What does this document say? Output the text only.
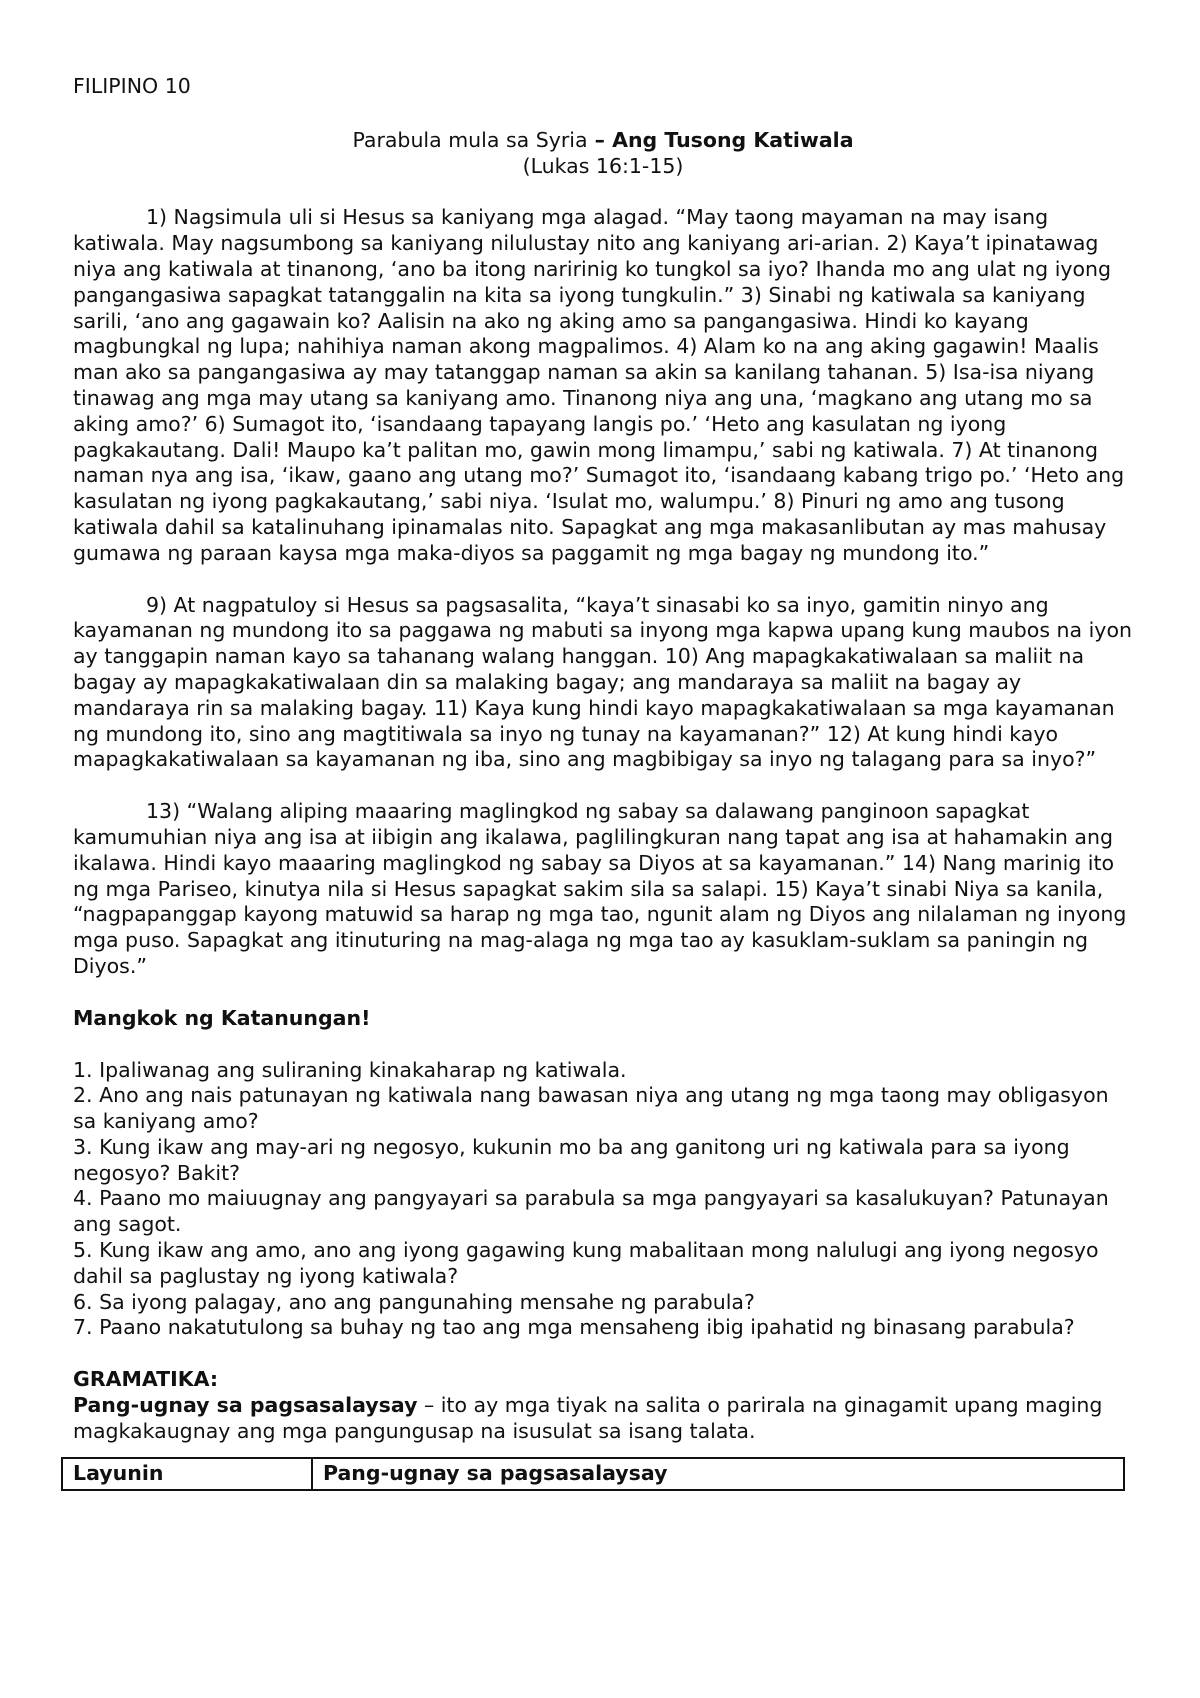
FILIPINO 10
Parabula mula sa Syria – Ang Tusong Katiwala
(Lukas 16:1-15)

1) Nagsimula uli si Hesus sa kaniyang mga alagad. “May taong mayaman na may isang katiwala. May nagsumbong sa kaniyang nilulustay nito ang kaniyang ari-arian. 2) Kaya’t ipinatawag niya ang katiwala at tinanong, ‘ano ba itong naririnig ko tungkol sa iyo? Ihanda mo ang ulat ng iyong pangangasiwa sapagkat tatanggalin na kita sa iyong tungkulin.” 3) Sinabi ng katiwala sa kaniyang sarili, ‘ano ang gagawain ko? Aalisin na ako ng aking amo sa pangangasiwa. Hindi ko kayang magbungkal ng lupa; nahihiya naman akong magpalimos. 4) Alam ko na ang aking gagawin! Maalis man ako sa pangangasiwa ay may tatanggap naman sa akin sa kanilang tahanan. 5) Isa-isa niyang tinawag ang mga may utang sa kaniyang amo. Tinanong niya ang una, ‘magkano ang utang mo sa aking amo?’ 6) Sumagot ito, ‘isandaang tapayang langis po.’ ‘Heto ang kasulatan ng iyong pagkakautang. Dali! Maupo ka’t palitan mo, gawin mong limampu,’ sabi ng katiwala. 7) At tinanong naman nya ang isa, ‘ikaw, gaano ang utang mo?’ Sumagot ito, ‘isandaang kabang trigo po.’ ‘Heto ang kasulatan ng iyong pagkakautang,’ sabi niya. ‘Isulat mo, walumpu.’ 8) Pinuri ng amo ang tusong katiwala dahil sa katalinuhang ipinamalas nito. Sapagkat ang mga makasanlibutan ay mas mahusay gumawa ng paraan kaysa mga maka-diyos sa paggamit ng mga bagay ng mundong ito.”

9) At nagpatuloy si Hesus sa pagsasalita, “kaya’t sinasabi ko sa inyo, gamitin ninyo ang kayamanan ng mundong ito sa paggawa ng mabuti sa inyong mga kapwa upang kung maubos na iyon ay tanggapin naman kayo sa tahanang walang hanggan. 10) Ang mapagkakatiwalaan sa maliit na bagay ay mapagkakatiwalaan din sa malaking bagay; ang mandaraya sa maliit na bagay ay mandaraya rin sa malaking bagay. 11) Kaya kung hindi kayo mapagkakatiwalaan sa mga kayamanan ng mundong ito, sino ang magtitiwala sa inyo ng tunay na kayamanan?” 12) At kung hindi kayo mapagkakatiwalaan sa kayamanan ng iba, sino ang magbibigay sa inyo ng talagang para sa inyo?”

13) “Walang aliping maaaring maglingkod ng sabay sa dalawang panginoon sapagkat kamumuhian niya ang isa at iibigin ang ikalawa, paglilingkuran nang tapat ang isa at hahamakin ang ikalawa. Hindi kayo maaaring maglingkod ng sabay sa Diyos at sa kayamanan.” 14) Nang marinig ito ng mga Pariseo, kinutya nila si Hesus sapagkat sakim sila sa salapi. 15) Kaya’t sinabi Niya sa kanila, “nagpapanggap kayong matuwid sa harap ng mga tao, ngunit alam ng Diyos ang nilalaman ng inyong mga puso. Sapagkat ang itinuturing na mag-alaga ng mga tao ay kasuklam-suklam sa paningin ng Diyos.”

Mangkok ng Katanungan!
1. Ipaliwanag ang suliraning kinakaharap ng katiwala.
2. Ano ang nais patunayan ng katiwala nang bawasan niya ang utang ng mga taong may obligasyon sa kaniyang amo?
3. Kung ikaw ang may-ari ng negosyo, kukunin mo ba ang ganitong uri ng katiwala para sa iyong negosyo? Bakit?
4. Paano mo maiuugnay ang pangyayari sa parabula sa mga pangyayari sa kasalukuyan? Patunayan ang sagot.
5. Kung ikaw ang amo, ano ang iyong gagawing kung mabalitaan mong nalulugi ang iyong negosyo dahil sa paglustay ng iyong katiwala?
6. Sa iyong palagay, ano ang pangunahing mensahe ng parabula?
7. Paano nakatutulong sa buhay ng tao ang mga mensaheng ibig ipahatid ng binasang parabula?
GRAMATIKA:
Pang-ugnay sa pagsasalaysay – ito ay mga tiyak na salita o parirala na ginagamit upang maging magkakaugnay ang mga pangungusap na isusulat sa isang talata.
Layunin	Pang-ugnay sa pagsasalaysay
